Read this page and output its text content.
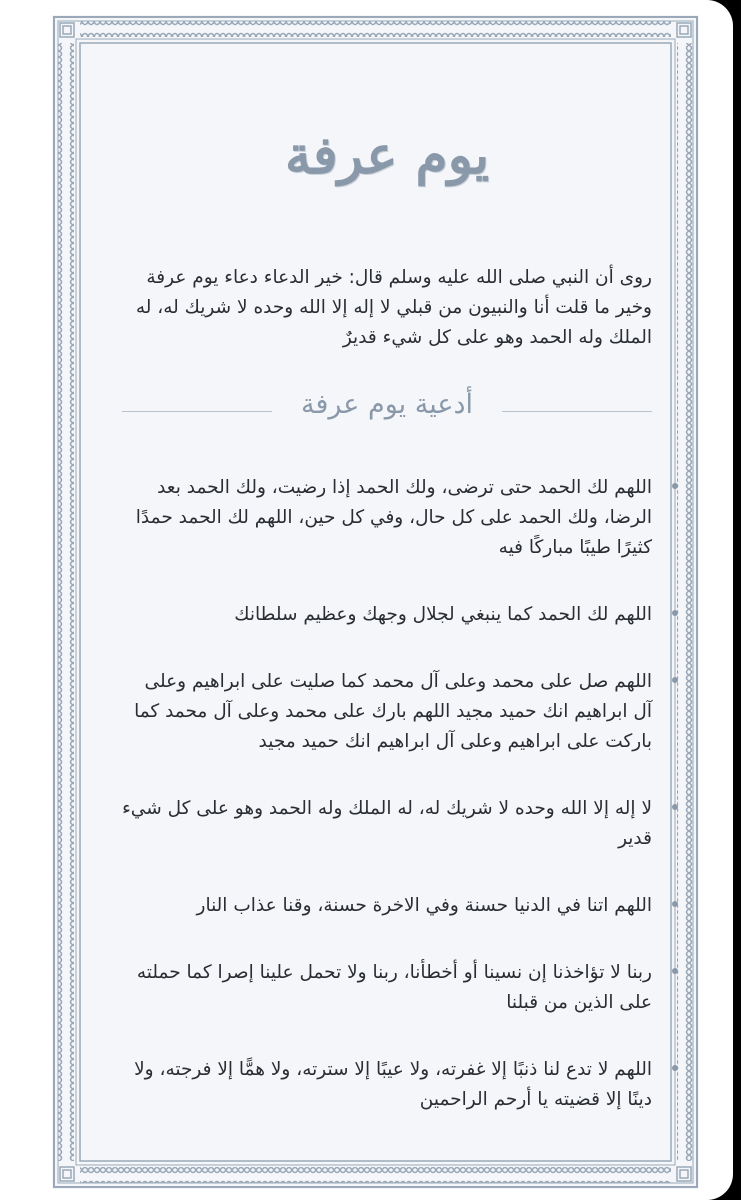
يوم عرفة

روى أن النبي صلى الله عليه وسلم قال: خير الدعاء دعاء يوم عرفة وخير ما قلت أنا والنبيون من قبلي لا إله إلا الله وحده لا شريك له، له الملك وله الحمد وهو على كل شيء قديرٌ

أدعية يوم عرفة
اللهم لك الحمد حتى ترضى، ولك الحمد إذا رضيت، ولك الحمد بعد الرضا، ولك الحمد على كل حال، وفي كل حين، اللهم لك الحمد حمدًا كثيرًا طيبًا مباركًا فيه
اللهم لك الحمد كما ينبغي لجلال وجهك وعظيم سلطانك
اللهم صل على محمد وعلى آل محمد كما صليت على ابراهيم وعلى آل ابراهيم انك حميد مجيد اللهم بارك على محمد وعلى آل محمد كما باركت على ابراهيم وعلى آل ابراهيم انك حميد مجيد
لا إله إلا الله وحده لا شريك له، له الملك وله الحمد وهو على كل شيء قدير
اللهم اتنا في الدنيا حسنة وفي الاخرة حسنة، وقنا عذاب النار
ربنا لا تؤاخذنا إن نسينا أو أخطأنا، ربنا ولا تحمل علينا إصرا كما حملته على الذين من قبلنا
اللهم لا تدع لنا ذنبًا إلا غفرته، ولا عيبًا إلا سترته، ولا همًّا إلا فرجته، ولا دينًا إلا قضيته يا أرحم الراحمين
